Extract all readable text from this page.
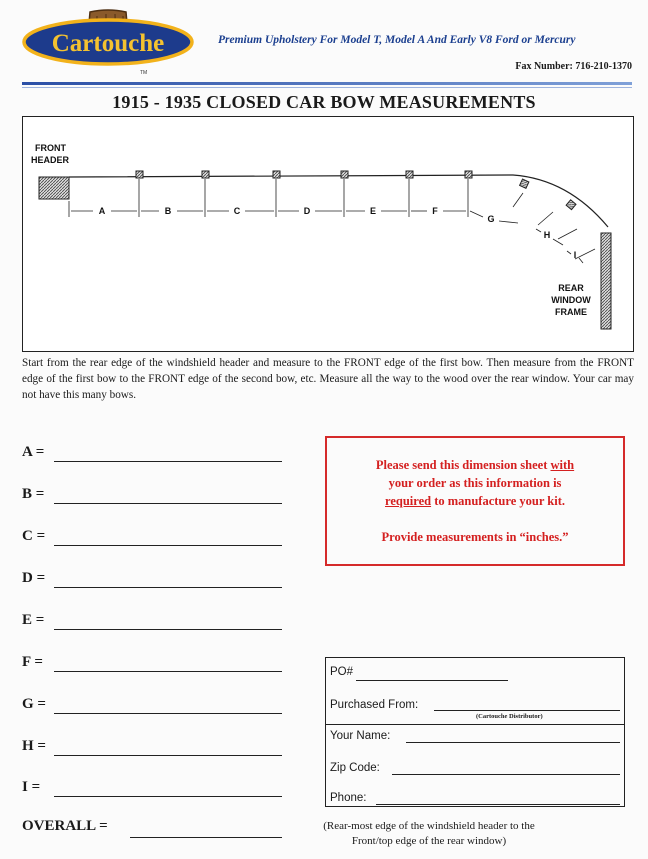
Cartouche
TM
Premium Upholstery For Model T, Model A And Early V8 Ford or Mercury
Fax Number: 716-210-1370
1915 - 1935 CLOSED CAR BOW MEASUREMENTS
FRONT
HEADER
REAR
WINDOW
FRAME
A	B	C	D	E	F
G
H
I
Start from the rear edge of the windshield header and measure to the FRONT edge of the first bow. Then measure from the FRONT edge of the first bow to the FRONT edge of the second bow, etc. Measure all the way to the wood over the rear window. Your car may not have this many bows.
A =
B =
C =
D =
E =
F =
G =
H =
I =
OVERALL =	(Rear-most edge of the windshield header to the
Front/top edge of the rear window)
Please send this dimension sheet with
your order as this information is
required to manufacture your kit.
Provide measurements in “inches.”
PO#
Purchased From:
(Cartouche Distributor)
Your Name:
Zip Code:
Phone:
